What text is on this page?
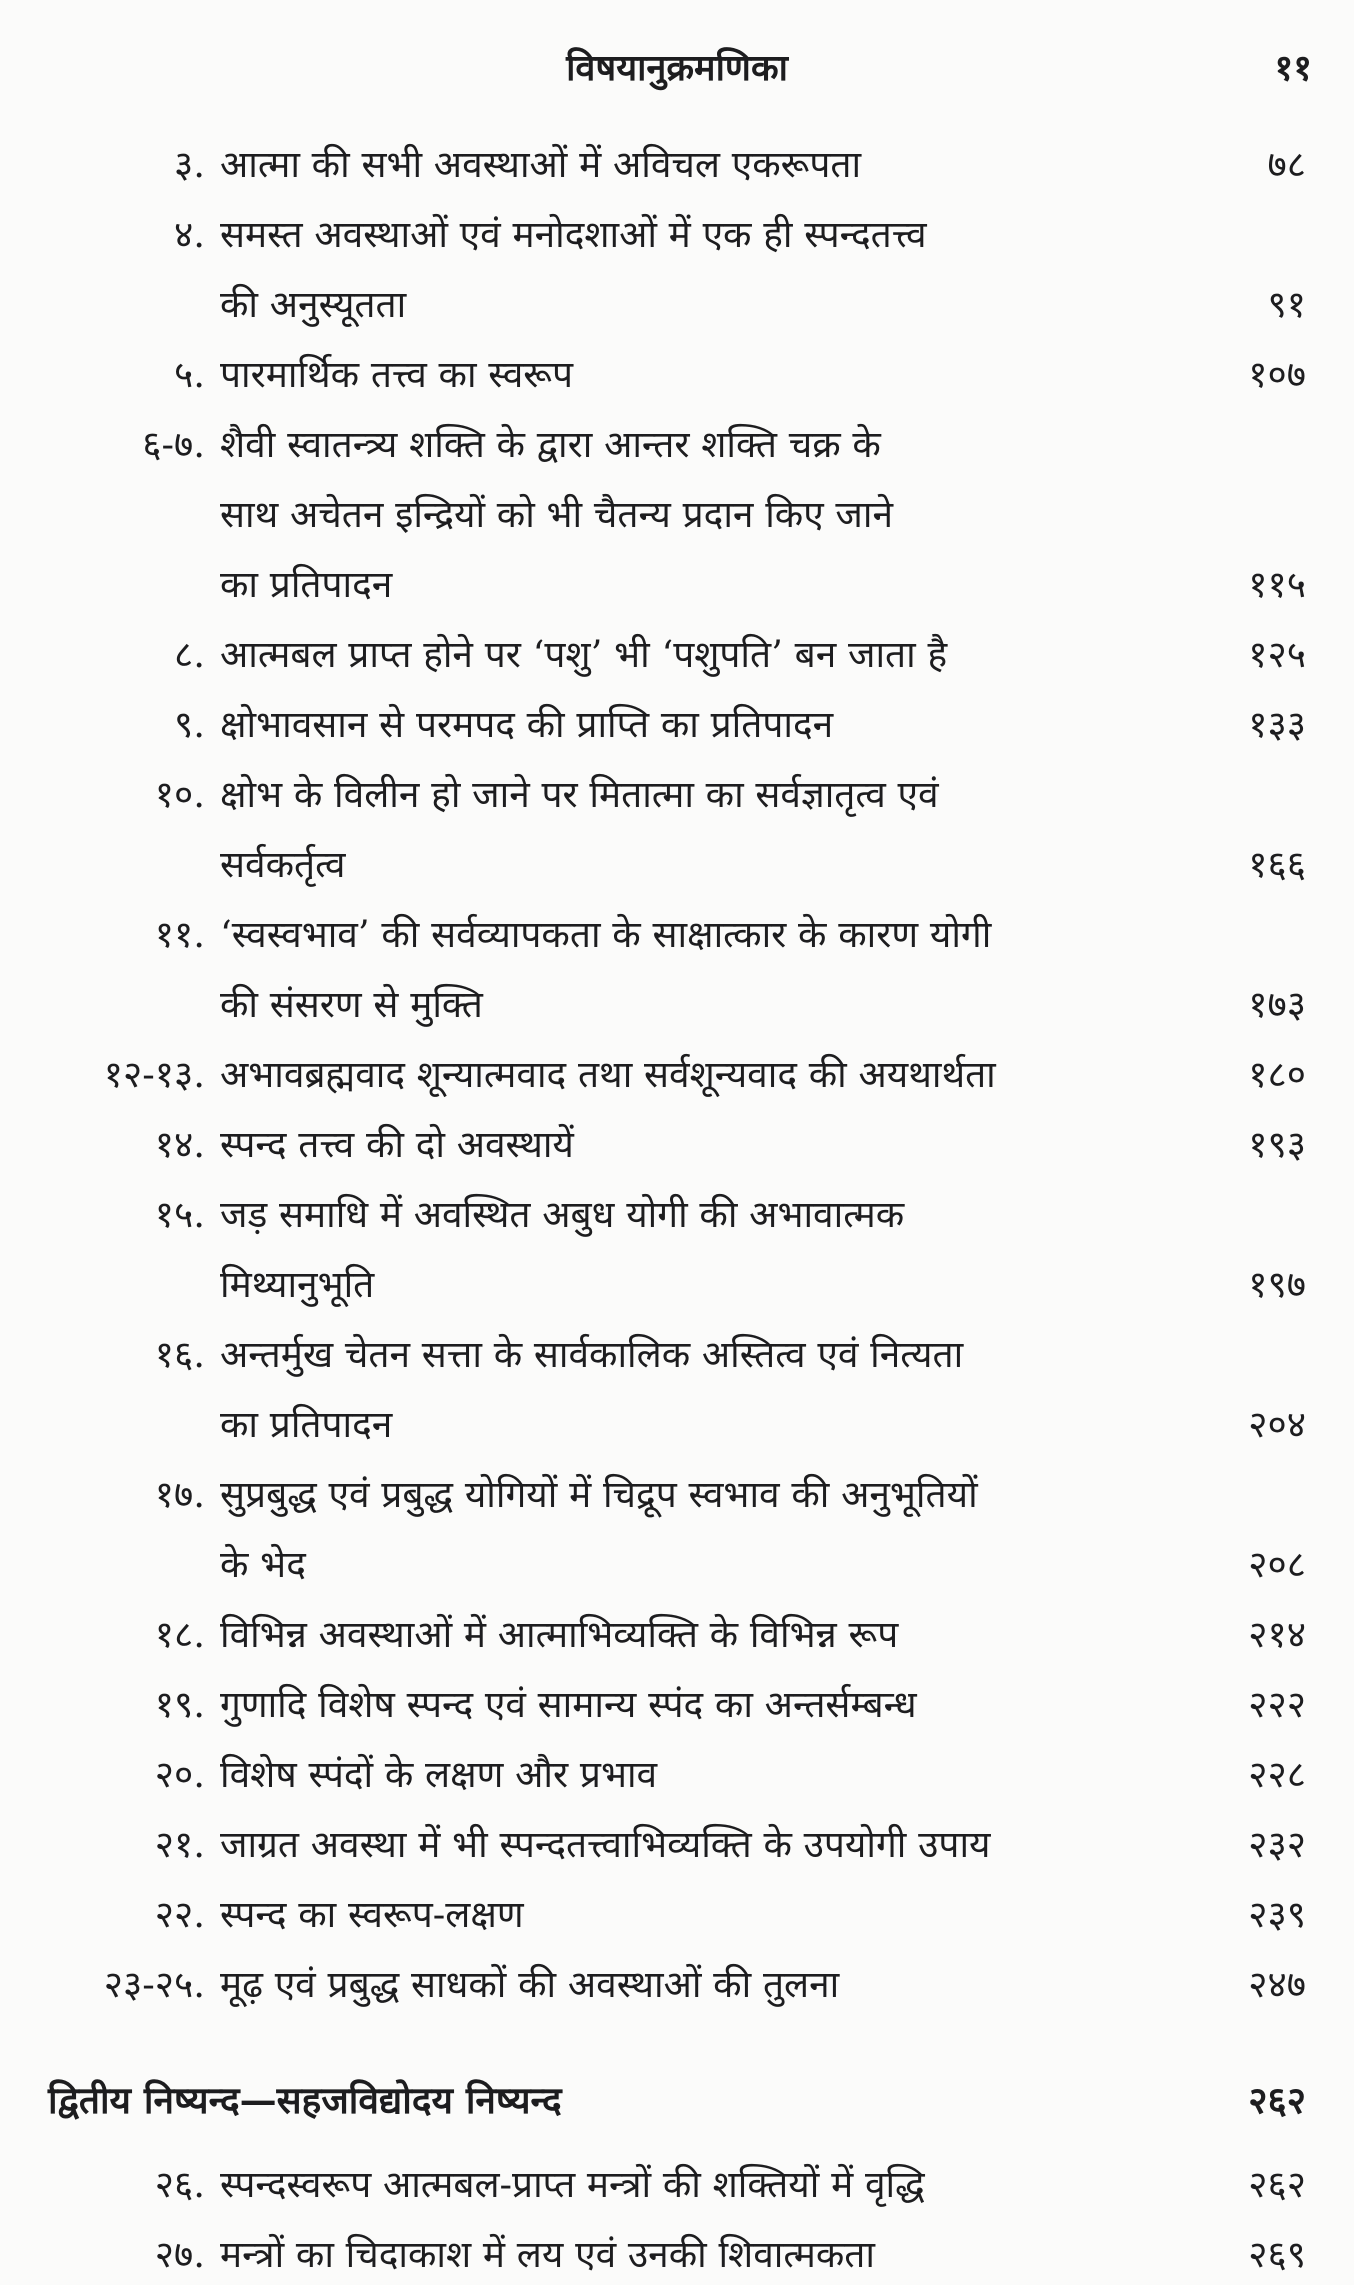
विषयानुक्रमणिका	११
३. आत्मा की सभी अवस्थाओं में अविचल एकरूपता	७८
४. समस्त अवस्थाओं एवं मनोदशाओं में एक ही स्पन्दतत्त्व
की अनुस्यूतता	९१
५. पारमार्थिक तत्त्व का स्वरूप	१०७
६-७. शैवी स्वातन्त्र्य शक्ति के द्वारा आन्तर शक्ति चक्र के
साथ अचेतन इन्द्रियों को भी चैतन्य प्रदान किए जाने
का प्रतिपादन	११५
८. आत्मबल प्राप्त होने पर ‘पशु’ भी ‘पशुपति’ बन जाता है	१२५
९. क्षोभावसान से परमपद की प्राप्ति का प्रतिपादन	१३३
१०. क्षोभ के विलीन हो जाने पर मितात्मा का सर्वज्ञातृत्व एवं
सर्वकर्तृत्व	१६६
११. ‘स्वस्वभाव’ की सर्वव्यापकता के साक्षात्कार के कारण योगी
की संसरण से मुक्ति	१७३
१२-१३. अभावब्रह्मवाद शून्यात्मवाद तथा सर्वशून्यवाद की अयथार्थता	१८०
१४. स्पन्द तत्त्व की दो अवस्थायें	१९३
१५. जड़ समाधि में अवस्थित अबुध योगी की अभावात्मक
मिथ्यानुभूति	१९७
१६. अन्तर्मुख चेतन सत्ता के सार्वकालिक अस्तित्व एवं नित्यता
का प्रतिपादन	२०४
१७. सुप्रबुद्ध एवं प्रबुद्ध योगियों में चिद्रूप स्वभाव की अनुभूतियों
के भेद	२०८
१८. विभिन्न अवस्थाओं में आत्माभिव्यक्ति के विभिन्न रूप	२१४
१९. गुणादि विशेष स्पन्द एवं सामान्य स्पंद का अन्तर्सम्बन्ध	२२२
२०. विशेष स्पंदों के लक्षण और प्रभाव	२२८
२१. जाग्रत अवस्था में भी स्पन्दतत्त्वाभिव्यक्ति के उपयोगी उपाय	२३२
२२. स्पन्द का स्वरूप-लक्षण	२३९
२३-२५. मूढ़ एवं प्रबुद्ध साधकों की अवस्थाओं की तुलना	२४७
द्वितीय निष्यन्द—सहजविद्योदय निष्यन्द	२६२
२६. स्पन्दस्वरूप आत्मबल-प्राप्त मन्त्रों की शक्तियों में वृद्धि	२६२
२७. मन्त्रों का चिदाकाश में लय एवं उनकी शिवात्मकता	२६९
